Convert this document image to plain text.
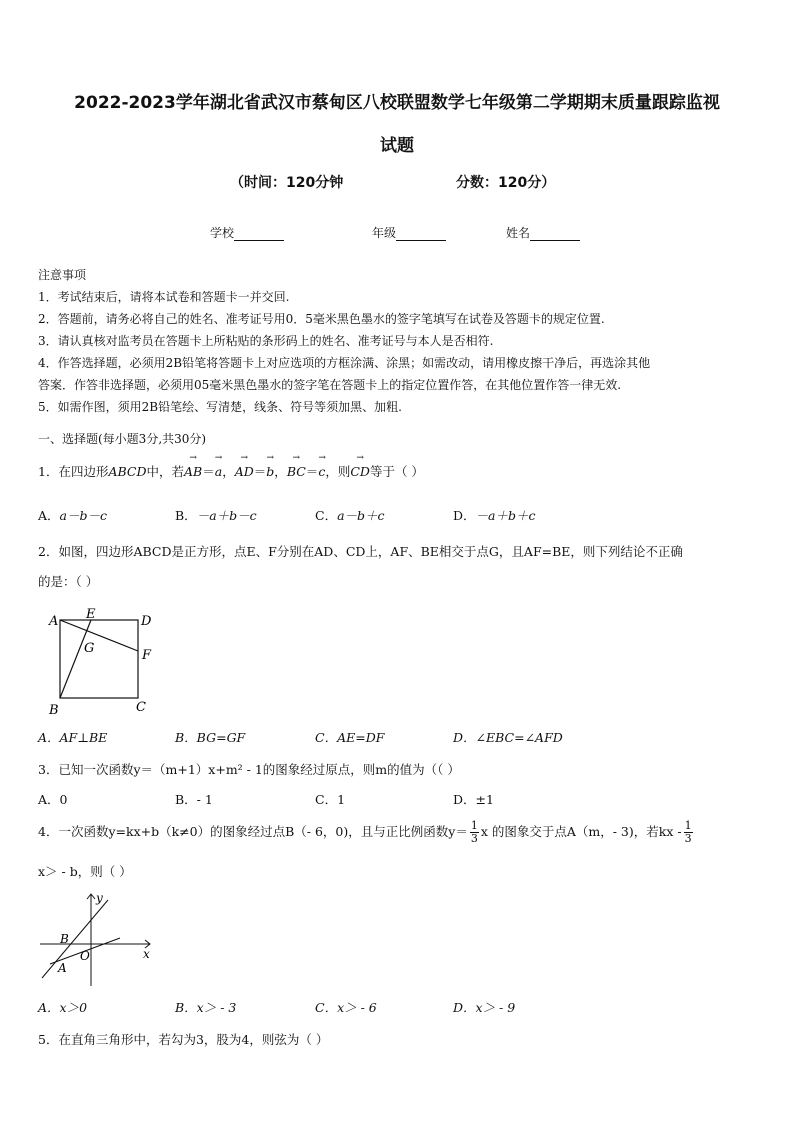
2022-2023学年湖北省武汉市蔡甸区八校联盟数学七年级第二学期期末质量跟踪监视
试题
（时间：120分钟	分数：120分）
学校	年级	姓名

注意事项

1．考试结束后，请将本试卷和答题卡一并交回.

2．答题前，请务必将自己的姓名、准考证号用0．5毫米黑色墨水的签字笔填写在试卷及答题卡的规定位置.

3．请认真核对监考员在答题卡上所粘贴的条形码上的姓名、准考证号与本人是否相符.

4．作答选择题，必须用2B铅笔将答题卡上对应选项的方框涂满、涂黑；如需改动，请用橡皮擦干净后，再选涂其他

答案．作答非选择题，必须用05毫米黑色墨水的签字笔在答题卡上的指定位置作答，在其他位置作答一律无效.

5．如需作图，须用2B铅笔绘、写清楚，线条、符号等须加黑、加粗.

一、选择题(每小题3分,共30分)
1．在四边形ABCD中，若→ AB＝→ a，→ AD＝→ b，→ BC＝→ c，则→ CD等于（ ）
A．a－b－c	B．－a＋b－c	C．a－b＋c	D．－a＋b＋c
2．如图，四边形ABCD是正方形，点E、F分别在AD、CD上，AF、BE相交于点G，且AF=BE，则下列结论不正确
的是：（ ）
A E	D
G	F
B	C
A．AF⊥BE	B．BG=GF	C．AE=DF	D．∠EBC=∠AFD
3．已知一次函数y＝（m+1）x+m² - 1的图象经过原点，则m的值为（（ ）
A．0	B．- 1	C．1	D．±1
4．一次函数y=kx+b（k≠0）的图象经过点B（- 6，0)，且与正比例函数$y= \frac{1}{3}$ x 的图象交于点A（m，- 3)，若kx - $\frac{1}{3}$
x＞ - b，则（ ）
y
x
B
O
A
A．x＞0	B．x＞ - 3	C．x＞ - 6	D．x＞ - 9
5．在直角三角形中，若勾为3，股为4，则弦为（ ）
